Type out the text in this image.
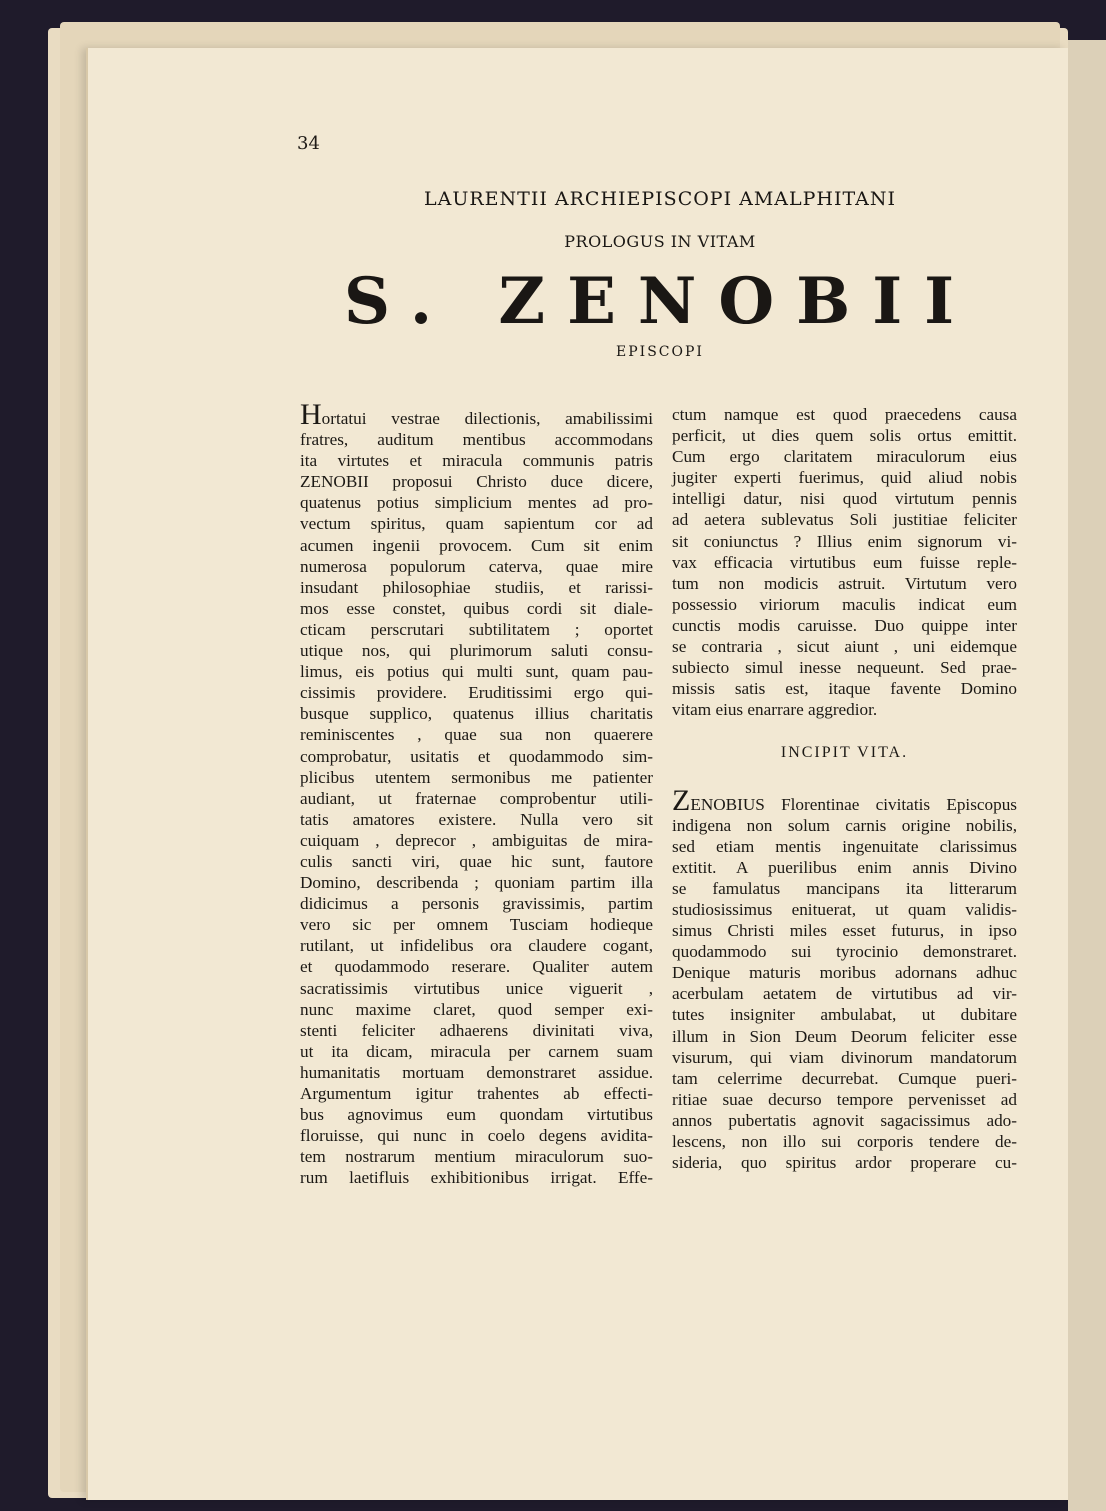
34
LAURENTII ARCHIEPISCOPI AMALPHITANI
PROLOGUS IN VITAM
S. ZENOBII
EPISCOPI
Hortatui vestrae dilectionis, amabilissimi
fratres, auditum mentibus accommodans
ita virtutes et miracula communis patris
ZENOBII proposui Christo duce dicere,
quatenus potius simplicium mentes ad pro-
vectum spiritus, quam sapientum cor ad
acumen ingenii provocem. Cum sit enim
numerosa populorum caterva, quae mire
insudant philosophiae studiis, et rarissi-
mos esse constet, quibus cordi sit diale-
cticam perscrutari subtilitatem ; oportet
utique nos, qui plurimorum saluti consu-
limus, eis potius qui multi sunt, quam pau-
cissimis providere. Eruditissimi ergo qui-
busque supplico, quatenus illius charitatis
reminiscentes , quae sua non quaerere
comprobatur, usitatis et quodammodo sim-
plicibus utentem sermonibus me patienter
audiant, ut fraternae comprobentur utili-
tatis amatores existere. Nulla vero sit
cuiquam , deprecor , ambiguitas de mira-
culis sancti viri, quae hic sunt, fautore
Domino, describenda ; quoniam partim illa
didicimus a personis gravissimis, partim
vero sic per omnem Tusciam hodieque
rutilant, ut infidelibus ora claudere cogant,
et quodammodo reserare. Qualiter autem
sacratissimis virtutibus unice viguerit ,
nunc maxime claret, quod semper exi-
stenti feliciter adhaerens divinitati viva,
ut ita dicam, miracula per carnem suam
humanitatis mortuam demonstraret assidue.
Argumentum igitur trahentes ab effecti-
bus agnovimus eum quondam virtutibus
floruisse, qui nunc in coelo degens avidita-
tem nostrarum mentium miraculorum suo-
rum laetifluis exhibitionibus irrigat. Effe-
ctum namque est quod praecedens causa
perficit, ut dies quem solis ortus emittit.
Cum ergo claritatem miraculorum eius
jugiter experti fuerimus, quid aliud nobis
intelligi datur, nisi quod virtutum pennis
ad aetera sublevatus Soli justitiae feliciter
sit coniunctus ? Illius enim signorum vi-
vax efficacia virtutibus eum fuisse reple-
tum non modicis astruit. Virtutum vero
possessio viriorum maculis indicat eum
cunctis modis caruisse. Duo quippe inter
se contraria , sicut aiunt , uni eidemque
subiecto simul inesse nequeunt. Sed prae-
missis satis est, itaque favente Domino
vitam eius enarrare aggredior.
INCIPIT VITA.
ZENOBIUS Florentinae civitatis Episcopus
indigena non solum carnis origine nobilis,
sed etiam mentis ingenuitate clarissimus
extitit. A puerilibus enim annis Divino
se famulatus mancipans ita litterarum
studiosissimus enituerat, ut quam validis-
simus Christi miles esset futurus, in ipso
quodammodo sui tyrocinio demonstraret.
Denique maturis moribus adornans adhuc
acerbulam aetatem de virtutibus ad vir-
tutes insigniter ambulabat, ut dubitare
illum in Sion Deum Deorum feliciter esse
visurum, qui viam divinorum mandatorum
tam celerrime decurrebat. Cumque pueri-
ritiae suae decurso tempore pervenisset ad
annos pubertatis agnovit sagacissimus ado-
lescens, non illo sui corporis tendere de-
sideria, quo spiritus ardor properare cu-
